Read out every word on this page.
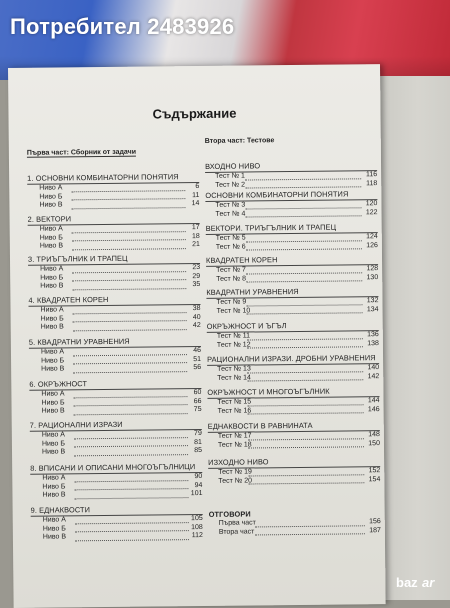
Потребител 2483926
Съдържание
Първа част: Сборник от задачи
1. ОСНОВНИ КОМБИНАТОРНИ ПОНЯТИЯ
Ниво А	6
Ниво Б	11
Ниво В	14
2. ВЕКТОРИ
Ниво А	17
Ниво Б	18
Ниво В	21
3. ТРИЪГЪЛНИК И ТРАПЕЦ
Ниво А	23
Ниво Б	29
Ниво В	35
4. КВАДРАТЕН КОРЕН
Ниво А	38
Ниво Б	40
Ниво В	42
5. КВАДРАТНИ УРАВНЕНИЯ
Ниво А	46
Ниво Б	51
Ниво В	56
6. ОКРЪЖНОСТ
Ниво А	60
Ниво Б	66
Ниво В	75
7. РАЦИОНАЛНИ ИЗРАЗИ
Ниво А	79
Ниво Б	81
Ниво В	85
8. ВПИСАНИ И ОПИСАНИ МНОГОЪГЪЛНИЦИ
Ниво А	90
Ниво Б	94
Ниво В	101
9. ЕДНАКВОСТИ
Ниво А	105
Ниво Б	108
Ниво В	112
Втора част: Тестове
ВХОДНО НИВО
Тест № 1	116
Тест № 2	118
ОСНОВНИ КОМБИНАТОРНИ ПОНЯТИЯ
Тест № 3	120
Тест № 4	122
ВЕКТОРИ. ТРИЪГЪЛНИК И ТРАПЕЦ
Тест № 5	124
Тест № 6	126
КВАДРАТЕН КОРЕН
Тест № 7	128
Тест № 8	130
КВАДРАТНИ УРАВНЕНИЯ
Тест № 9	132
Тест № 10	134
ОКРЪЖНОСТ И ЪГЪЛ
Тест № 11	136
Тест № 12	138
РАЦИОНАЛНИ ИЗРАЗИ. ДРОБНИ УРАВНЕНИЯ
Тест № 13	140
Тест № 14	142
ОКРЪЖНОСТ И МНОГОЪГЪЛНИК
Тест № 15	144
Тест № 16	146
ЕДНАКВОСТИ В РАВНИНАТА
Тест № 17	148
Тест № 18	150
ИЗХОДНО НИВО
Тест № 19	152
Тест № 20	154
ОТГОВОРИ
Първа част	156
Втора част	187
baz ar
